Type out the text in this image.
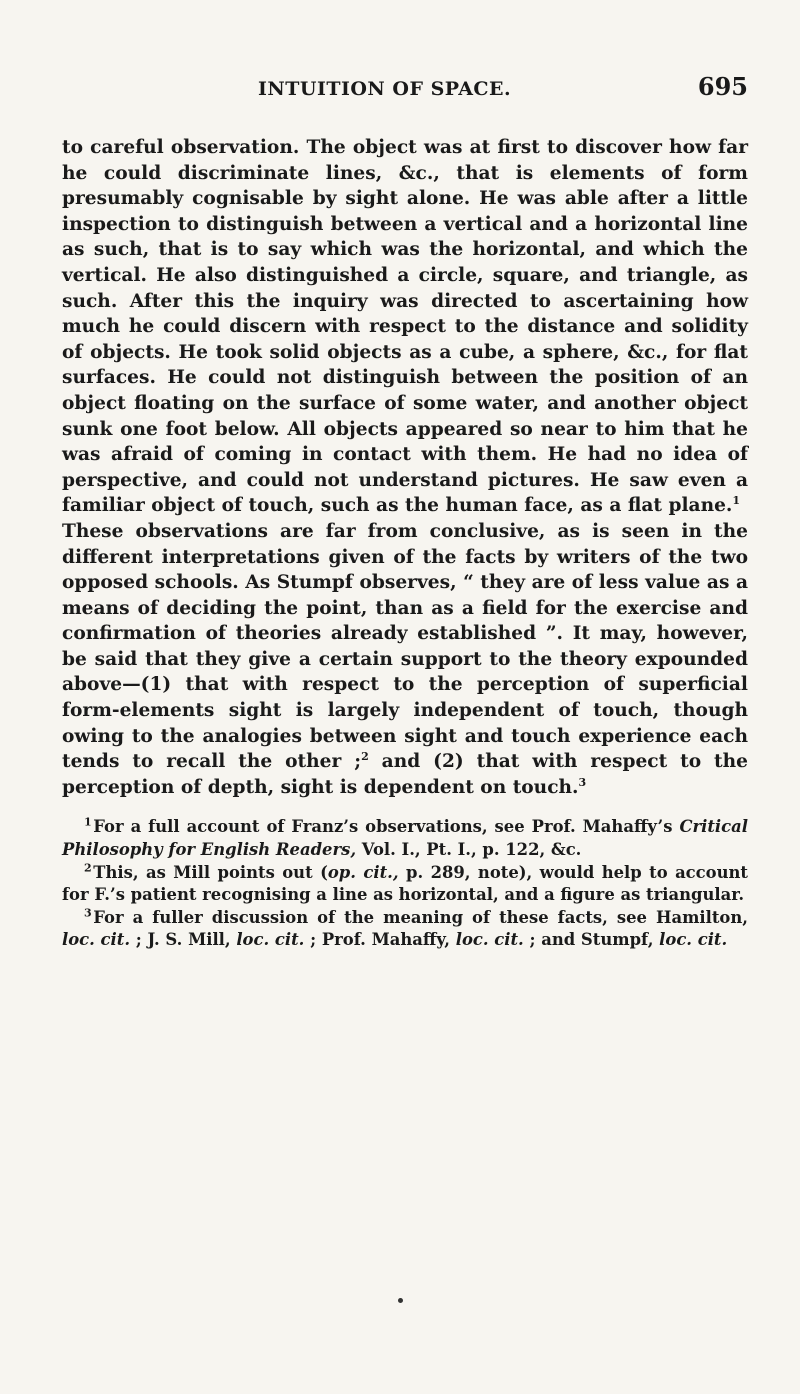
INTUITION OF SPACE.	695

to careful observation. The object was at first to discover how far he could discriminate lines, &c., that is elements of form presumably cognisable by sight alone. He was able after a little inspection to distinguish between a vertical and a horizontal line as such, that is to say which was the horizontal, and which the vertical. He also distinguished a circle, square, and triangle, as such. After this the inquiry was directed to ascertaining how much he could discern with respect to the distance and solidity of objects. He took solid objects as a cube, a sphere, &c., for flat surfaces. He could not distinguish between the position of an object floating on the surface of some water, and another object sunk one foot below. All objects appeared so near to him that he was afraid of coming in contact with them. He had no idea of perspective, and could not understand pictures. He saw even a familiar object of touch, such as the human face, as a flat plane.$^1$

These observations are far from conclusive, as is seen in the different interpretations given of the facts by writers of the two opposed schools. As Stumpf observes, “ they are of less value as a means of deciding the point, than as a field for the exercise and confirmation of theories already established ”. It may, however, be said that they give a certain support to the theory expounded above—(1) that with respect to the perception of superficial form-elements sight is largely independent of touch, though owing to the analogies between sight and touch experience each tends to recall the other ;$^2$ and (2) that with respect to the perception of depth, sight is dependent on touch.$^3$

$^1$  For a full account of Franz’s observations, see Prof. Mahaffy’s Critical Philosophy for English Readers, Vol. I., Pt. I., p. 122, &c.

$^2$  This, as Mill points out (op. cit., p. 289, note), would help to account for F.’s patient recognising a line as horizontal, and a figure as triangular.

$^3$  For a fuller discussion of the meaning of these facts, see Hamilton, loc. cit. ; J. S. Mill, loc. cit. ; Prof. Mahaffy, loc. cit. ; and Stumpf, loc. cit.
